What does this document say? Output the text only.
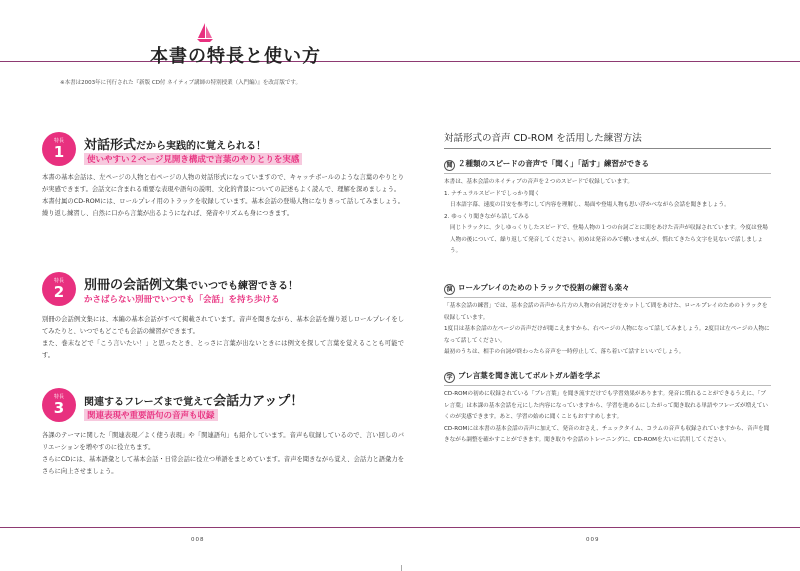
本書の特長と使い方
※本書は2003年に刊行された『新版 CD付 ネイティブ講師の特別授業（入門編）』を改訂版です。
特長
1	対話形式だから実践的に覚えられる！
使いやすい２ページ見開き構成で言葉のやりとりを実感

本書の基本会話は、左ページの人物と右ページの人物の対話形式になっていますので、キャッチボールのような言葉のやりとりが実感できます。会話文に含まれる重要な表現や語句の説明、文化的背景についての記述もよく読んで、理解を深めましょう。

本書付属のCD-ROMには、ロールプレイ用のトラックを収録しています。基本会話の登場人物になりきって話してみましょう。繰り返し練習し、自然に口から言葉が出るようになれば、発音やリズムも身につきます。

特長
2	別冊の会話例文集でいつでも練習できる！
かさばらない別冊でいつでも「会話」を持ち歩ける

別冊の会話例文集には、本編の基本会話がすべて掲載されています。音声を聞きながら、基本会話を繰り返しロールプレイをしてみたりと、いつでもどこでも会話の練習ができます。

また、巻末などで「こう言いたい！」と思ったとき、とっさに言葉が出ないときには例文を探して言葉を覚えることも可能です。

特長
3	関連するフレーズまで覚えて会話力アップ！
関連表現や重要語句の音声も収録

各課のテーマに関した「関連表現／よく使う表現」や「関連語句」も紹介しています。音声も収録しているので、言い回しのバリエーションを増やすのに役立ちます。

さらにCDには、基本語彙として基本会話・日常会話に役立つ単語をまとめています。音声を聞きながら覚え、会話力と語彙力をさらに向上させましょう。

対話形式の音声 CD-ROM を活用した練習方法
聞 ２種類のスピードの音声で「聞く」「話す」練習ができる

本書は、基本会話のネイティブの音声を２つのスピードで収録しています。

1. ナチュラルスピードでしっかり聞く

日本語字幕、速度の目安を参考にして内容を理解し、場面や登場人物も思い浮かべながら会話を聞きましょう。

2. ゆっくり聞きながら話してみる

同じトラックに、少しゆっくりしたスピードで、登場人物の１つの台詞ごとに間をあけた音声が収録されています。今度は登場人物の後について、繰り返して発音してください。初めは発音のみで構いませんが、慣れてきたら文字を見ないで話しましょう。

演 ロールプレイのためのトラックで役割の練習も楽々

「基本会話の練習」では、基本会話の音声から片方の人物の台詞だけをカットして間をあけた、ロールプレイのためのトラックを収録しています。

1度目は基本会話の左ページの音声だけが聞こえますから、右ページの人物になって話してみましょう。2度目は左ページの人物になって話してください。

最初のうちは、相手の台詞が終わったら音声を一時停止して、落ち着いて話すといいでしょう。

学 ブレ言葉を聞き流してボルトガル語を学ぶ

CD-ROMの初めに収録されている「ブレ言葉」を聞き流すだけでも学習効果があります。発音に慣れることができるうえに、「ブレ言葉」は本課の基本会話を元にした内容になっていますから、学習を進めるにしたがって聞き取れる単語やフレーズが増えていくのが実感できます。あと、学習の始めに聞くこともおすすめします。

CD-ROMには本書の基本会話の音声に加えて、発音のおさえ、チェックタイム、コラムの音声も収録されていますから、音声を聞きながら調整を確かすことができます。聞き取りや会話のトレーニングに、CD-ROMを大いに活用してください。

008	009
